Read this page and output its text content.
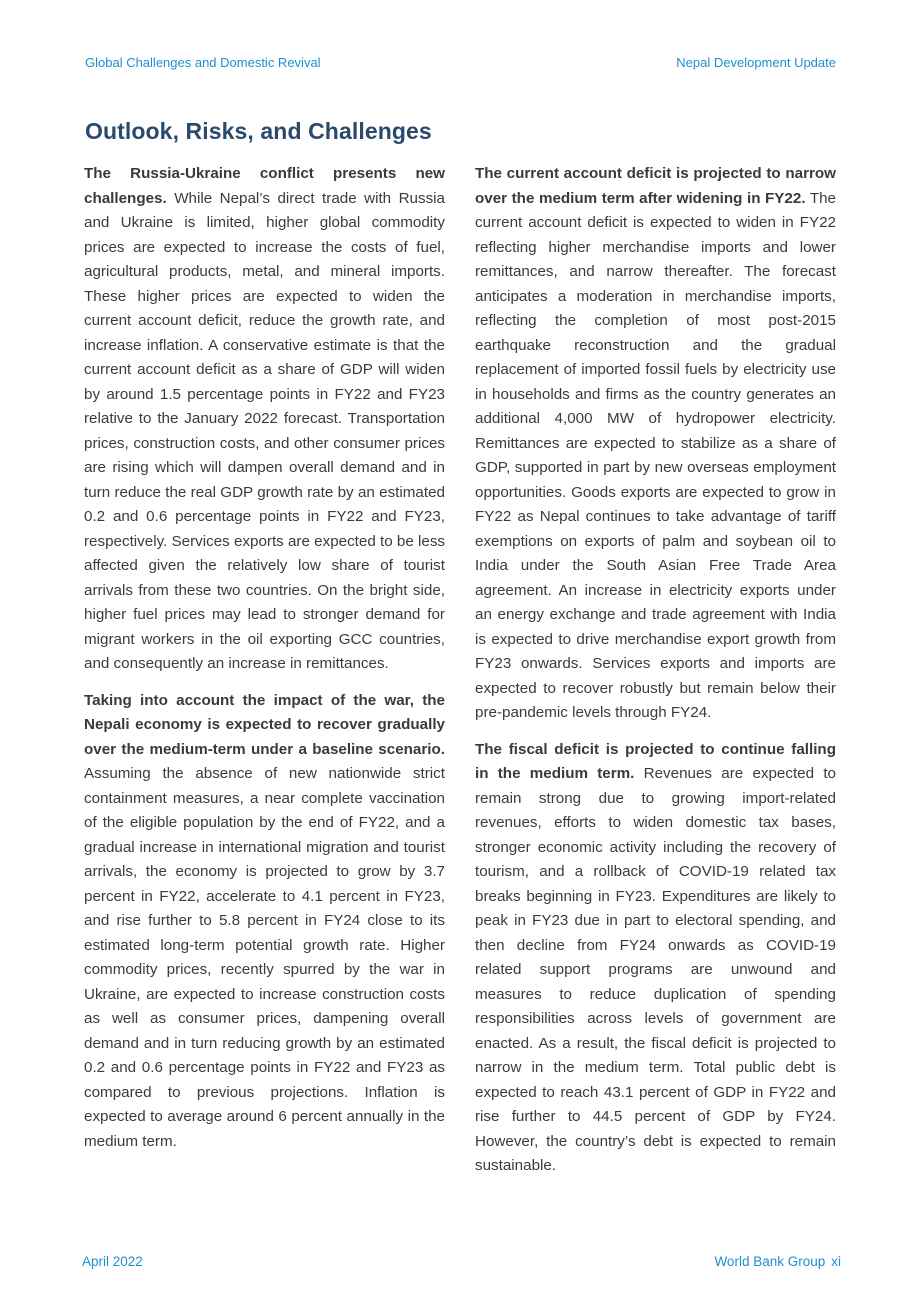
Global Challenges and Domestic Revival	Nepal Development Update
Outlook, Risks, and Challenges

The Russia-Ukraine conflict presents new challenges. While Nepal’s direct trade with Russia and Ukraine is limited, higher global commodity prices are expected to increase the costs of fuel, agricultural products, metal, and mineral imports. These higher prices are expected to widen the current account deficit, reduce the growth rate, and increase inflation. A conservative estimate is that the current account deficit as a share of GDP will widen by around 1.5 percentage points in FY22 and FY23 relative to the January 2022 forecast. Transportation prices, construction costs, and other consumer prices are rising which will dampen overall demand and in turn reduce the real GDP growth rate by an estimated 0.2 and 0.6 percentage points in FY22 and FY23, respectively. Services exports are expected to be less affected given the relatively low share of tourist arrivals from these two countries. On the bright side, higher fuel prices may lead to stronger demand for migrant workers in the oil exporting GCC countries, and consequently an increase in remittances.

Taking into account the impact of the war, the Nepali economy is expected to recover gradually over the medium-term under a baseline scenario. Assuming the absence of new nationwide strict containment measures, a near complete vaccination of the eligible population by the end of FY22, and a gradual increase in international migration and tourist arrivals, the economy is projected to grow by 3.7 percent in FY22, accelerate to 4.1 percent in FY23, and rise further to 5.8 percent in FY24 close to its estimated long-term potential growth rate. Higher commodity prices, recently spurred by the war in Ukraine, are expected to increase construction costs as well as consumer prices, dampening overall demand and in turn reducing growth by an estimated 0.2 and 0.6 percentage points in FY22 and FY23 as compared to previous projections. Inflation is expected to average around 6 percent annually in the medium term.

The current account deficit is projected to narrow over the medium term after widening in FY22. The current account deficit is expected to widen in FY22 reflecting higher merchandise imports and lower remittances, and narrow thereafter. The forecast anticipates a moderation in merchandise imports, reflecting the completion of most post-2015 earthquake reconstruction and the gradual replacement of imported fossil fuels by electricity use in households and firms as the country generates an additional 4,000 MW of hydropower electricity. Remittances are expected to stabilize as a share of GDP, supported in part by new overseas employment opportunities. Goods exports are expected to grow in FY22 as Nepal continues to take advantage of tariff exemptions on exports of palm and soybean oil to India under the South Asian Free Trade Area agreement. An increase in electricity exports under an energy exchange and trade agreement with India is expected to drive merchandise export growth from FY23 onwards. Services exports and imports are expected to recover robustly but remain below their pre-pandemic levels through FY24.

The fiscal deficit is projected to continue falling in the medium term. Revenues are expected to remain strong due to growing import-related revenues, efforts to widen domestic tax bases, stronger economic activity including the recovery of tourism, and a rollback of COVID-19 related tax breaks beginning in FY23. Expenditures are likely to peak in FY23 due in part to electoral spending, and then decline from FY24 onwards as COVID-19 related support programs are unwound and measures to reduce duplication of spending responsibilities across levels of government are enacted. As a result, the fiscal deficit is projected to narrow in the medium term. Total public debt is expected to reach 43.1 percent of GDP in FY22 and rise further to 44.5 percent of GDP by FY24. However, the country’s debt is expected to remain sustainable.

April 2022	World Bank Group xi
